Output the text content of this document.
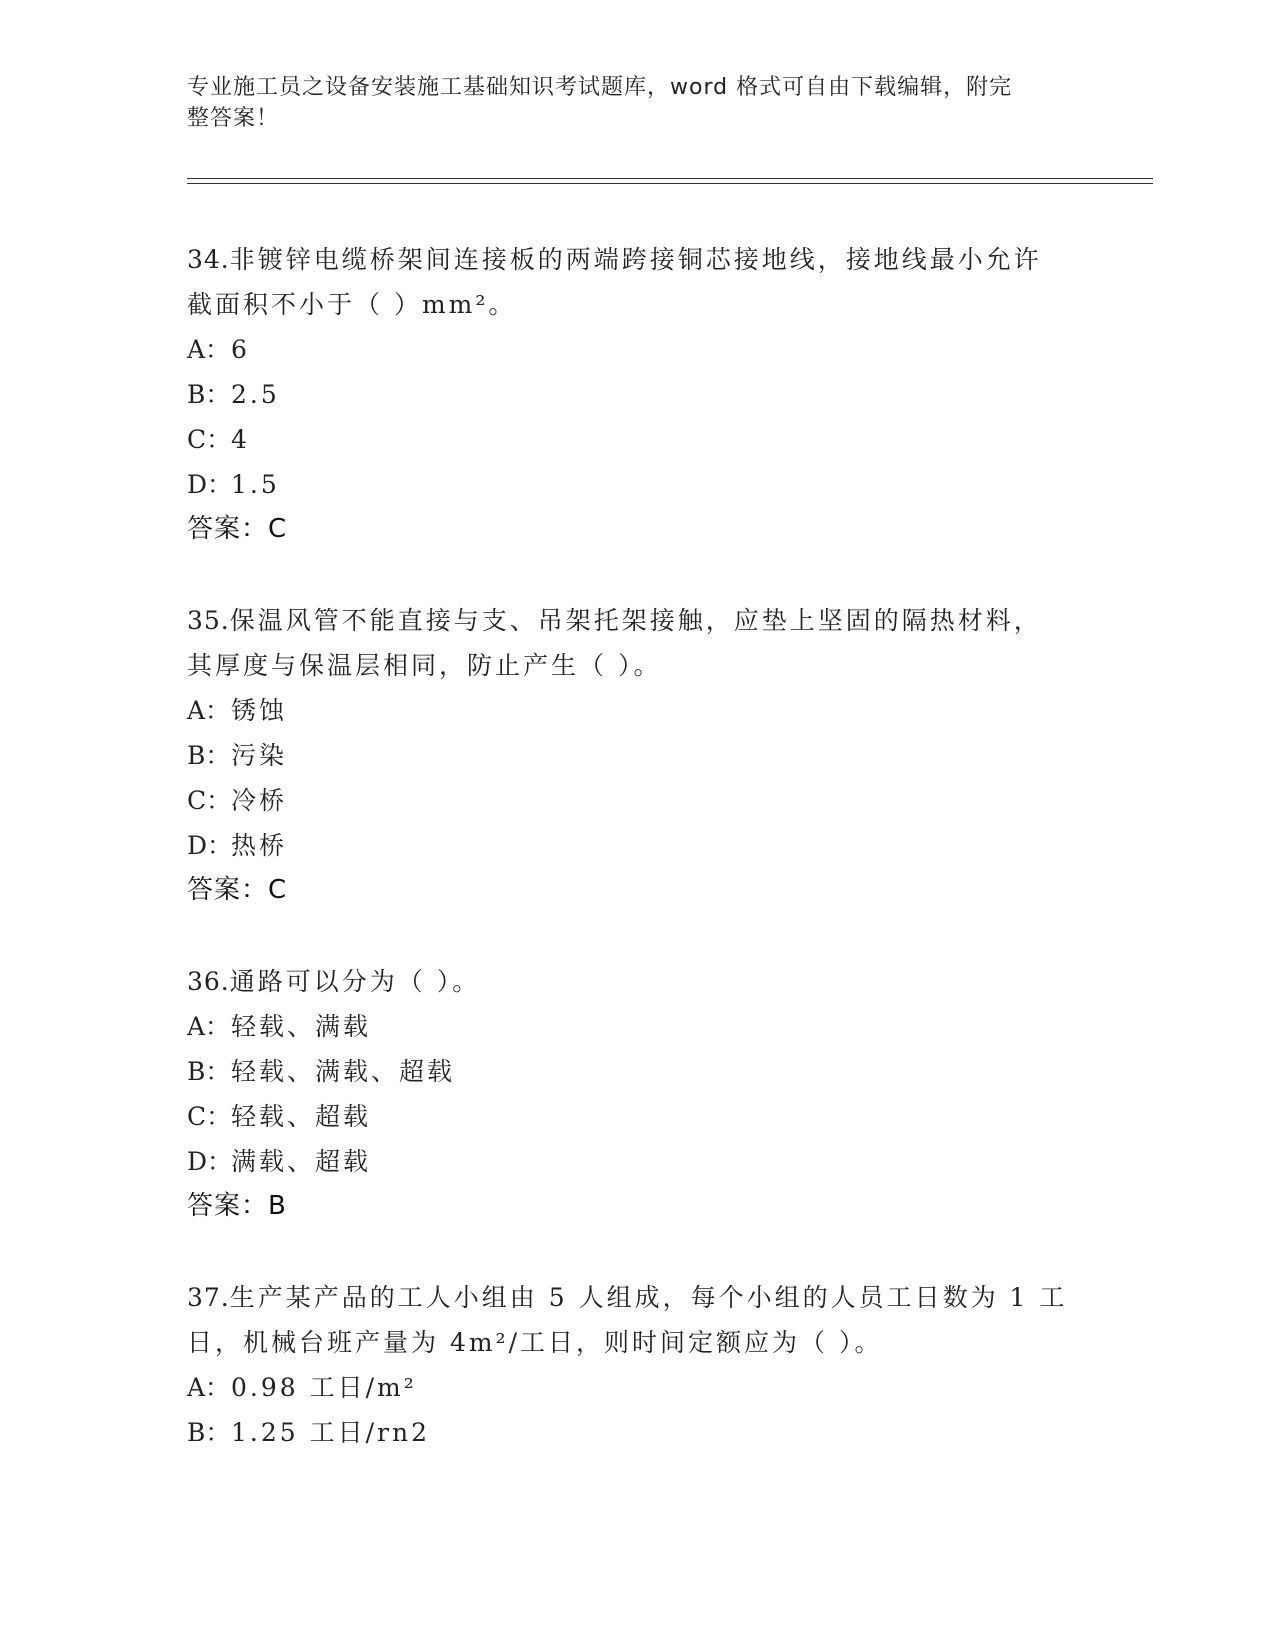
专业施工员之设备安装施工基础知识考试题库，word 格式可自由下载编辑，附完
整答案！

34.非镀锌电缆桥架间连接板的两端跨接铜芯接地线，接地线最小允许

截面积不小于（ ）mm²。

A： 6
B： 2.5
C： 4
D：
1.5
答案：C

35.保温风管不能直接与支、吊架托架接触，应垫上坚固的隔热材料，

其厚度与保温层相同，防止产生（ ）。

A： 锈蚀
B： 污染
C： 冷桥
D：
热桥
答案：C

36.通路可以分为（ ）。

A： 轻载、满载
B： 轻载、满载、超载
C： 轻载、超载
D：
满载、超载
答案：B

37.生产某产品的工人小组由 5 人组成，每个小组的人员工日数为 1 工

日，机械台班产量为 4m²/工日，则时间定额应为（ ）。

A： 0.98 工日/m²
B： 1.25 工日/rn2
